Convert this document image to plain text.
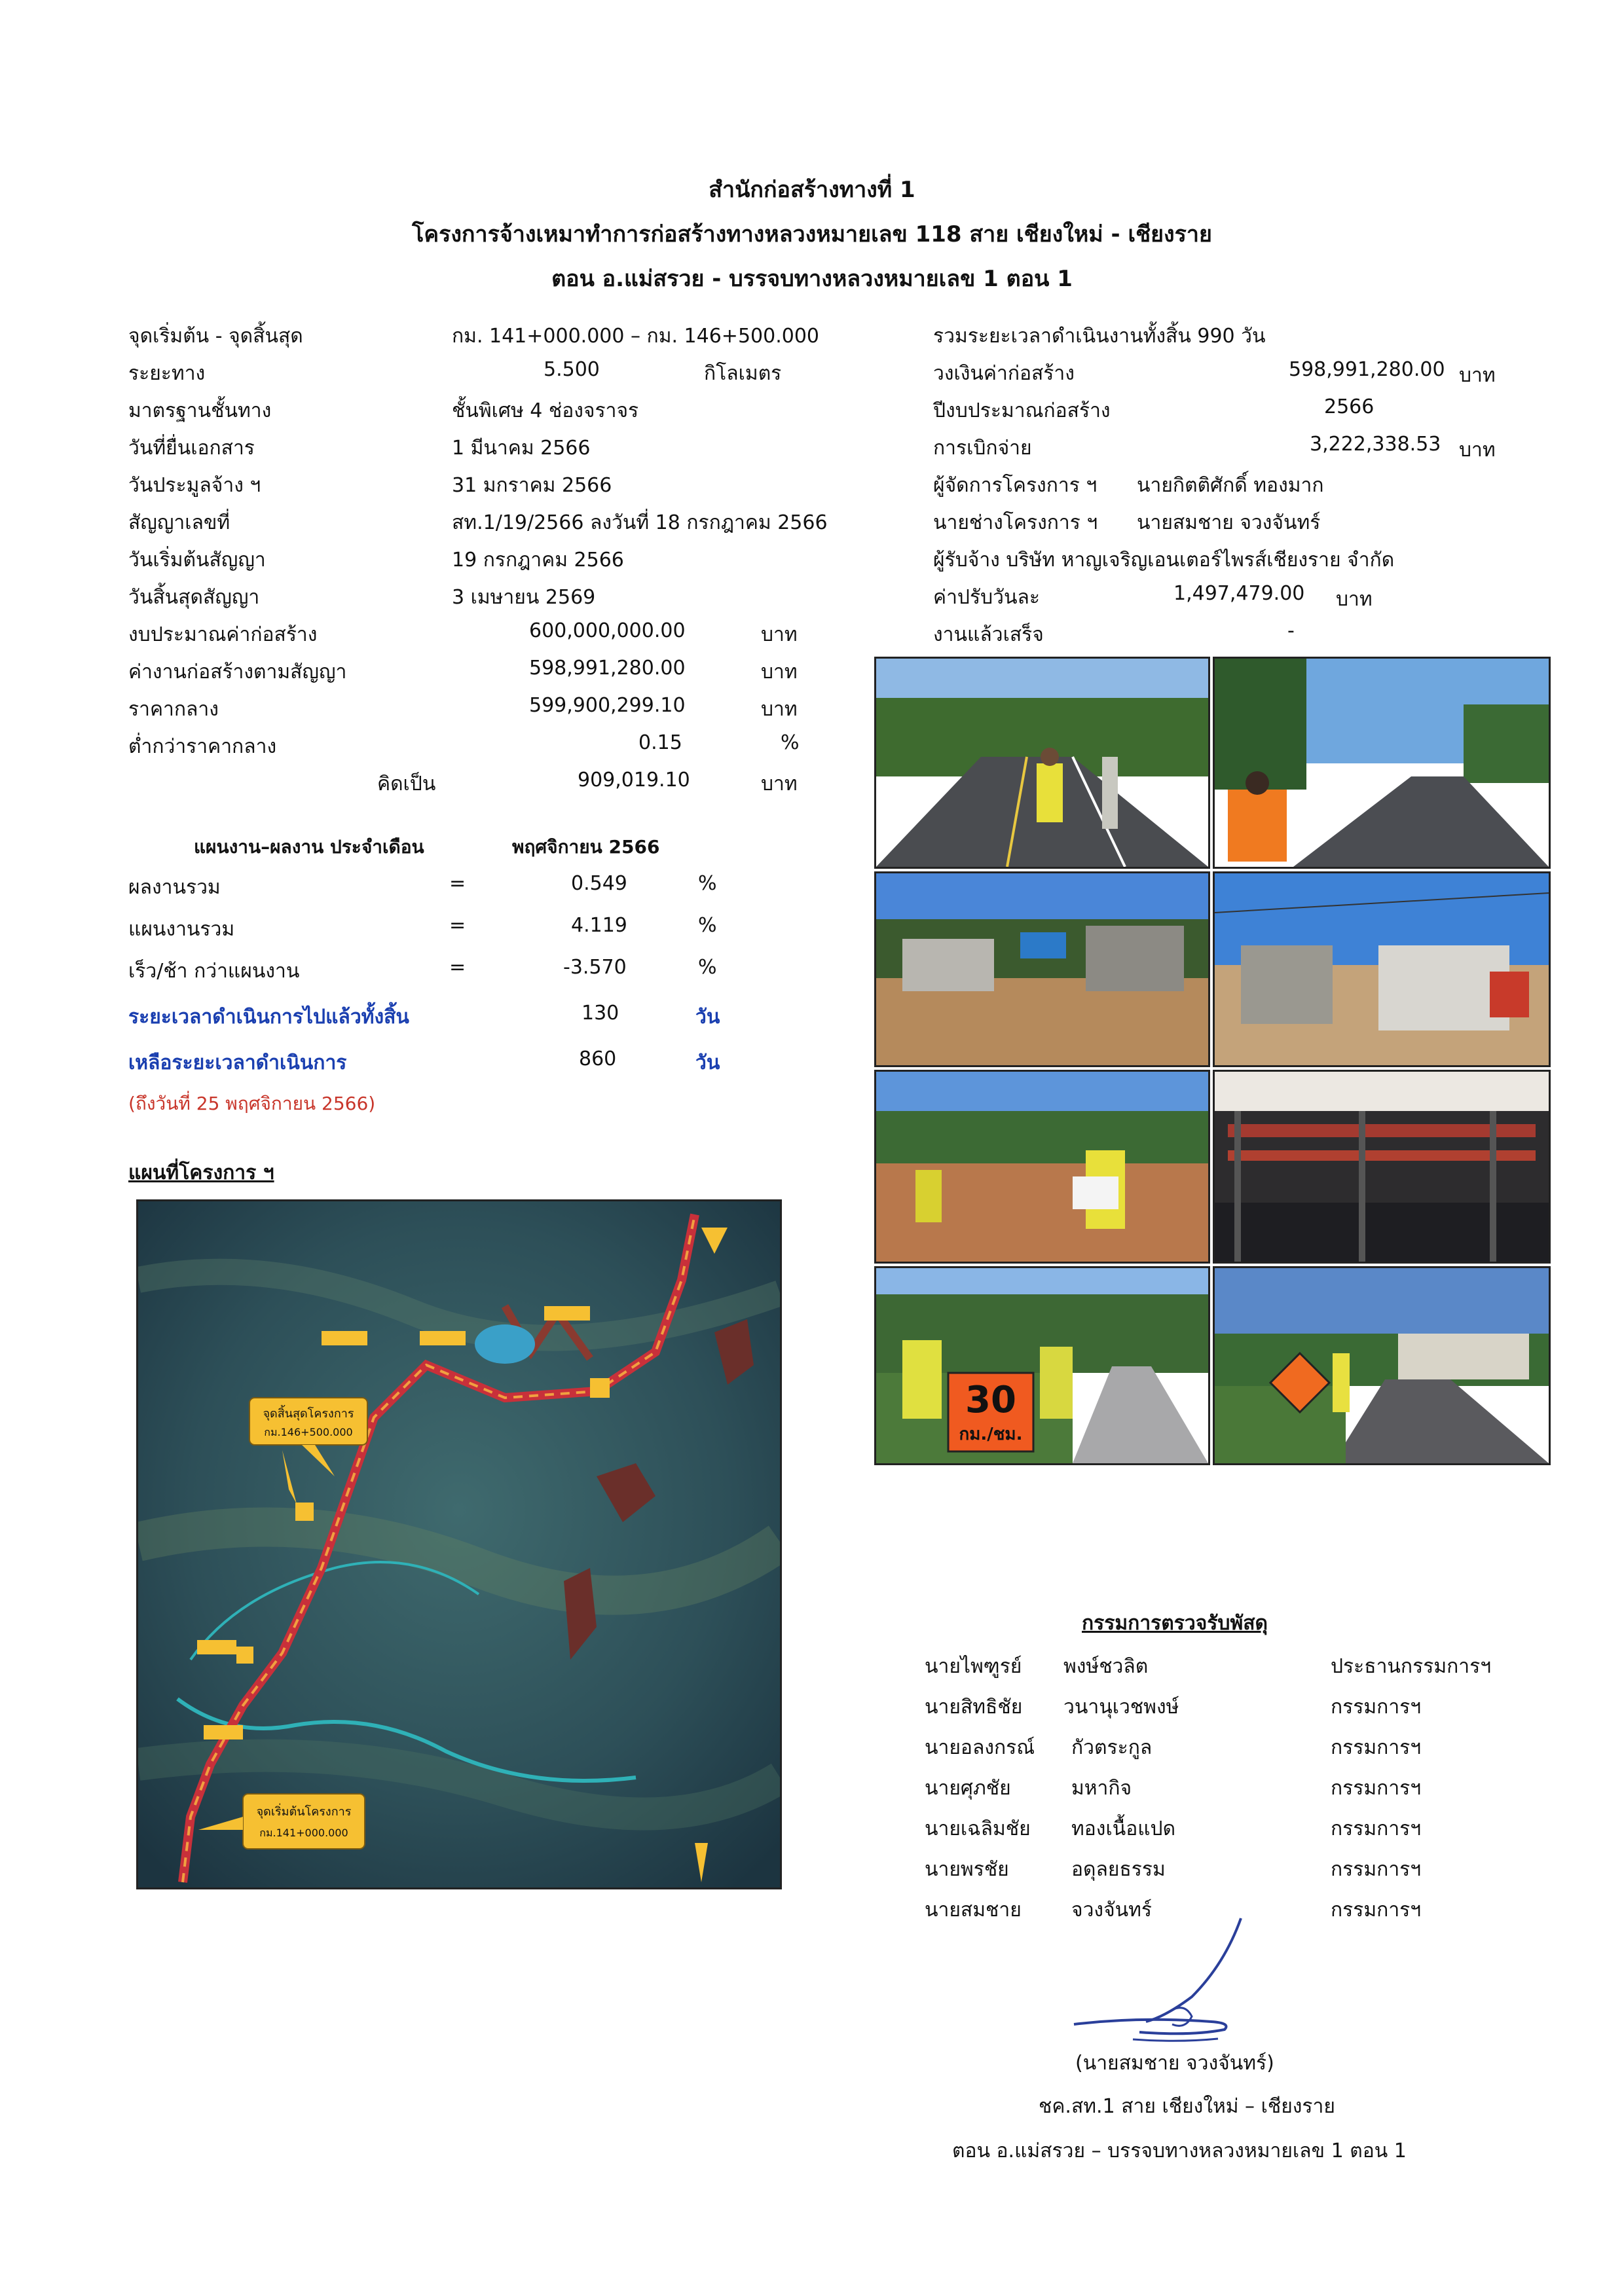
สำนักก่อสร้างทางที่ 1
โครงการจ้างเหมาทำการก่อสร้างทางหลวงหมายเลข 118 สาย เชียงใหม่ - เชียงราย
ตอน อ.แม่สรวย - บรรจบทางหลวงหมายเลข 1 ตอน 1
จุดเริ่มต้น - จุดสิ้นสุด	กม. 141+000.000 – กม. 146+500.000
ระยะทาง	5.500	กิโลเมตร
มาตรฐานชั้นทาง	ชั้นพิเศษ 4 ช่องจราจร
วันที่ยื่นเอกสาร	1 มีนาคม 2566
วันประมูลจ้าง ฯ	31 มกราคม 2566
สัญญาเลขที่	สท.1/19/2566 ลงวันที่ 18 กรกฎาคม 2566
วันเริ่มต้นสัญญา	19 กรกฎาคม 2566
วันสิ้นสุดสัญญา	3 เมษายน 2569
งบประมาณค่าก่อสร้าง	600,000,000.00	บาท
ค่างานก่อสร้างตามสัญญา	598,991,280.00	บาท
ราคากลาง	599,900,299.10	บาท
ต่ำกว่าราคากลาง	0.15	%
คิดเป็น	909,019.10	บาท
รวมระยะเวลาดำเนินงานทั้งสิ้น 990 วัน
วงเงินค่าก่อสร้าง	598,991,280.00 บาท
ปีงบประมาณก่อสร้าง	2566
การเบิกจ่าย	3,222,338.53 บาท
ผู้จัดการโครงการ ฯ นายกิตติศักดิ์ ทองมาก
นายช่างโครงการ ฯ นายสมชาย จวงจันทร์
ผู้รับจ้าง บริษัท หาญเจริญเอนเตอร์ไพรส์เชียงราย จำกัด
ค่าปรับวันละ	1,497,479.00 บาท
งานแล้วเสร็จ	-
แผนงาน–ผลงาน ประจำเดือน	พฤศจิกายน 2566
ผลงานรวม	=	0.549	%
แผนงานรวม	=	4.119	%
เร็ว/ช้า กว่าแผนงาน	=	-3.570	%
ระยะเวลาดำเนินการไปแล้วทั้งสิ้น	130	วัน
เหลือระยะเวลาดำเนินการ	860	วัน
(ถึงวันที่ 25 พฤศจิกายน 2566)
แผนที่โครงการ ฯ
จุดสิ้นสุดโครงการ
กม.146+500.000
จุดเริ่มต้นโครงการ
กม.141+000.000
30
กม./ชม.
กรรมการตรวจรับพัสดุ
นายไพฑูรย์ พงษ์ชวลิต	ประธานกรรมการฯ
นายสิทธิชัย วนานุเวชพงษ์	กรรมการฯ
นายอลงกรณ์ กัวตระกูล	กรรมการฯ
นายศุภชัย	มหากิจ	กรรมการฯ
นายเฉลิมชัย ทองเนื้อแปด	กรรมการฯ
นายพรชัย	อดุลยธรรม	กรรมการฯ
นายสมชาย	จวงจันทร์	กรรมการฯ
(นายสมชาย จวงจันทร์)
ชค.สท.1 สาย เชียงใหม่ – เชียงราย
ตอน อ.แม่สรวย – บรรจบทางหลวงหมายเลข 1 ตอน 1
